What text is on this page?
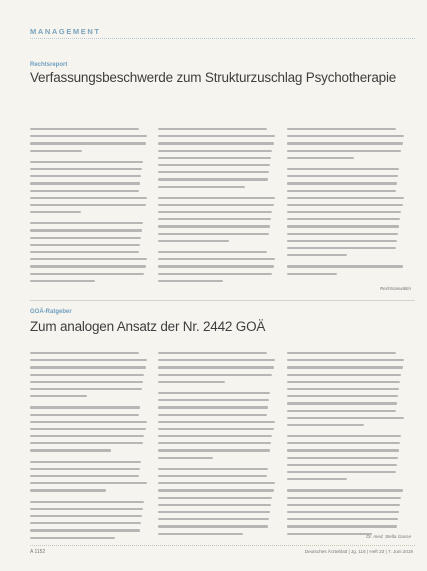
MANAGEMENT
Rechtsreport
Verfassungsbeschwerde zum Strukturzuschlag Psychotherapie
Rechtsanwältin
GOÄ-Ratgeber
Zum analogen Ansatz der Nr. 2442 GOÄ
Dr. med. Stella Gasse
A 1152	Deutsches Ärzteblatt | Jg. 116 | Heft 23 | 7. Juni 2019
